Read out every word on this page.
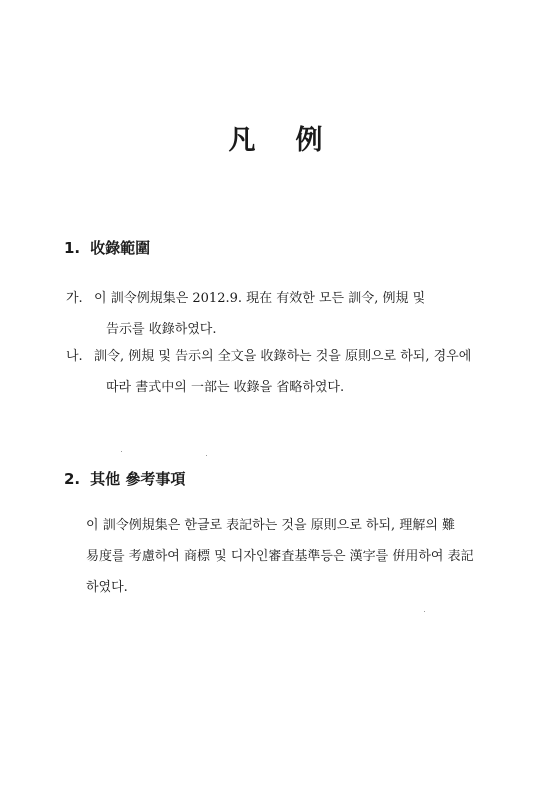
凡 例
1. 收錄範圍
가. 이 訓令例規集은 2012.9. 現在 有效한 모든 訓令, 例規 및
告示를 收錄하였다.
나. 訓令, 例規 및 告示의 全文을 收錄하는 것을 原則으로 하되, 경우에
따라 書式中의 一部는 收錄을 省略하였다.
2. 其他 參考事項
이 訓令例規集은 한글로 表記하는 것을 原則으로 하되, 理解의 難
易度를 考慮하여 商標 및 디자인審査基準등은 漢字를 倂用하여 表記
하였다.
